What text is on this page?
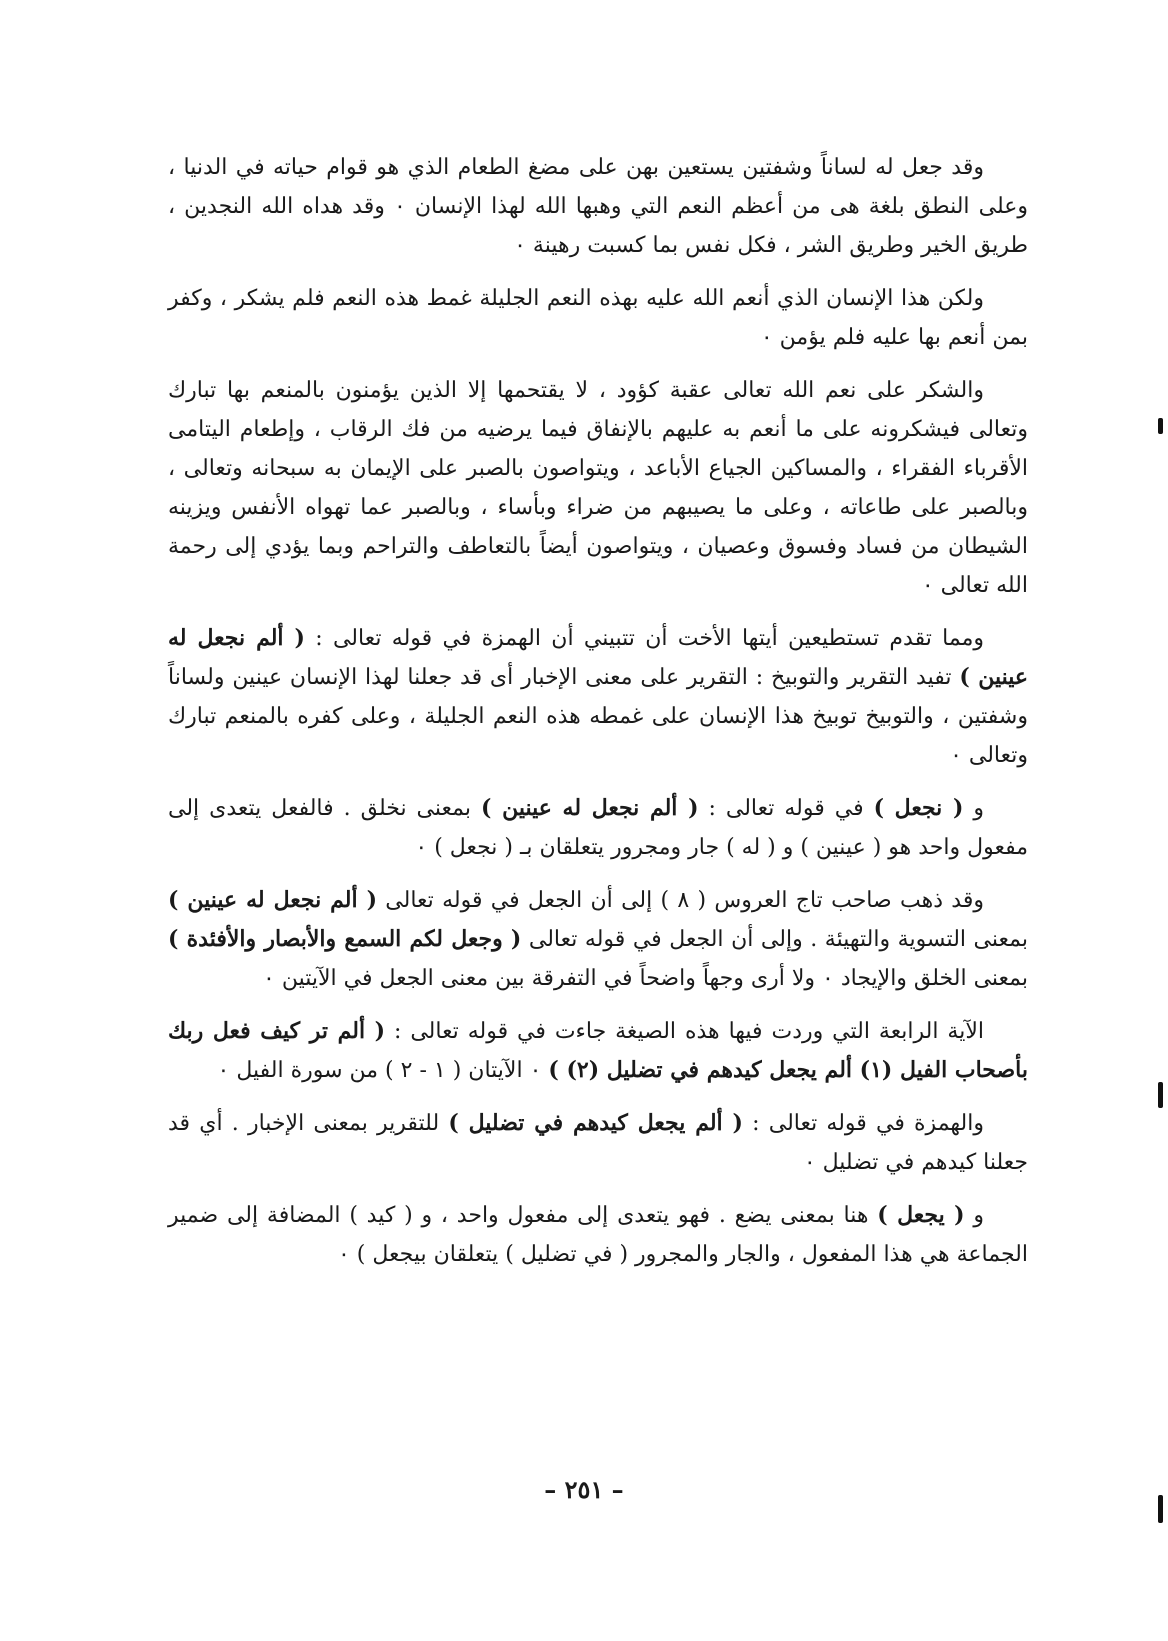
وقد جعل له لساناً وشفتين يستعين بهن على مضغ الطعام الذي هو قوام حياته في الدنيا ، وعلى النطق بلغة هى من أعظم النعم التي وهبها الله لهذا الإنسان ٠ وقد هداه الله النجدين ، طريق الخير وطريق الشر ، فكل نفس بما كسبت رهينة ٠

ولكن هذا الإنسان الذي أنعم الله عليه بهذه النعم الجليلة غمط هذه النعم فلم يشكر ، وكفر بمن أنعم بها عليه فلم يؤمن ٠

والشكر على نعم الله تعالى عقبة كؤود ، لا يقتحمها إلا الذين يؤمنون بالمنعم بها تبارك وتعالى فيشكرونه على ما أنعم به عليهم بالإنفاق فيما يرضيه من فك الرقاب ، وإطعام اليتامى الأقرباء الفقراء ، والمساكين الجياع الأباعد ، ويتواصون بالصبر على الإيمان به سبحانه وتعالى ، وبالصبر على طاعاته ، وعلى ما يصيبهم من ضراء وبأساء ، وبالصبر عما تهواه الأنفس ويزينه الشيطان من فساد وفسوق وعصيان ، ويتواصون أيضاً بالتعاطف والتراحم وبما يؤدي إلى رحمة الله تعالى ٠

ومما تقدم تستطيعين أيتها الأخت أن تتبيني أن الهمزة في قوله تعالى : ( ألم نجعل له عينين ) تفيد التقرير والتوبيخ : التقرير على معنى الإخبار أى قد جعلنا لهذا الإنسان عينين ولساناً وشفتين ، والتوبيخ توبيخ هذا الإنسان على غمطه هذه النعم الجليلة ، وعلى كفره بالمنعم تبارك وتعالى ٠

و ( نجعل ) في قوله تعالى : ( ألم نجعل له عينين ) بمعنى نخلق . فالفعل يتعدى إلى مفعول واحد هو ( عينين ) و ( له ) جار ومجرور يتعلقان بـ ( نجعل ) ٠

وقد ذهب صاحب تاج العروس ( ٨ ) إلى أن الجعل في قوله تعالى ( ألم نجعل له عينين ) بمعنى التسوية والتهيئة . وإلى أن الجعل في قوله تعالى ( وجعل لكم السمع والأبصار والأفئدة ) بمعنى الخلق والإيجاد ٠ ولا أرى وجهاً واضحاً في التفرقة بين معنى الجعل في الآيتين ٠

الآية الرابعة التي وردت فيها هذه الصيغة جاءت في قوله تعالى : ( ألم تر كيف فعل ربك بأصحاب الفيل (١) ألم يجعل كيدهم في تضليل (٢) ) ٠ الآيتان ( ١ - ٢ ) من سورة الفيل ٠

والهمزة في قوله تعالى : ( ألم يجعل كيدهم في تضليل ) للتقرير بمعنى الإخبار . أي قد جعلنا كيدهم في تضليل ٠

و ( يجعل ) هنا بمعنى يضع . فهو يتعدى إلى مفعول واحد ، و ( كيد ) المضافة إلى ضمير الجماعة هي هذا المفعول ، والجار والمجرور ( في تضليل ) يتعلقان بيجعل ) ٠

– ٢٥١ –
